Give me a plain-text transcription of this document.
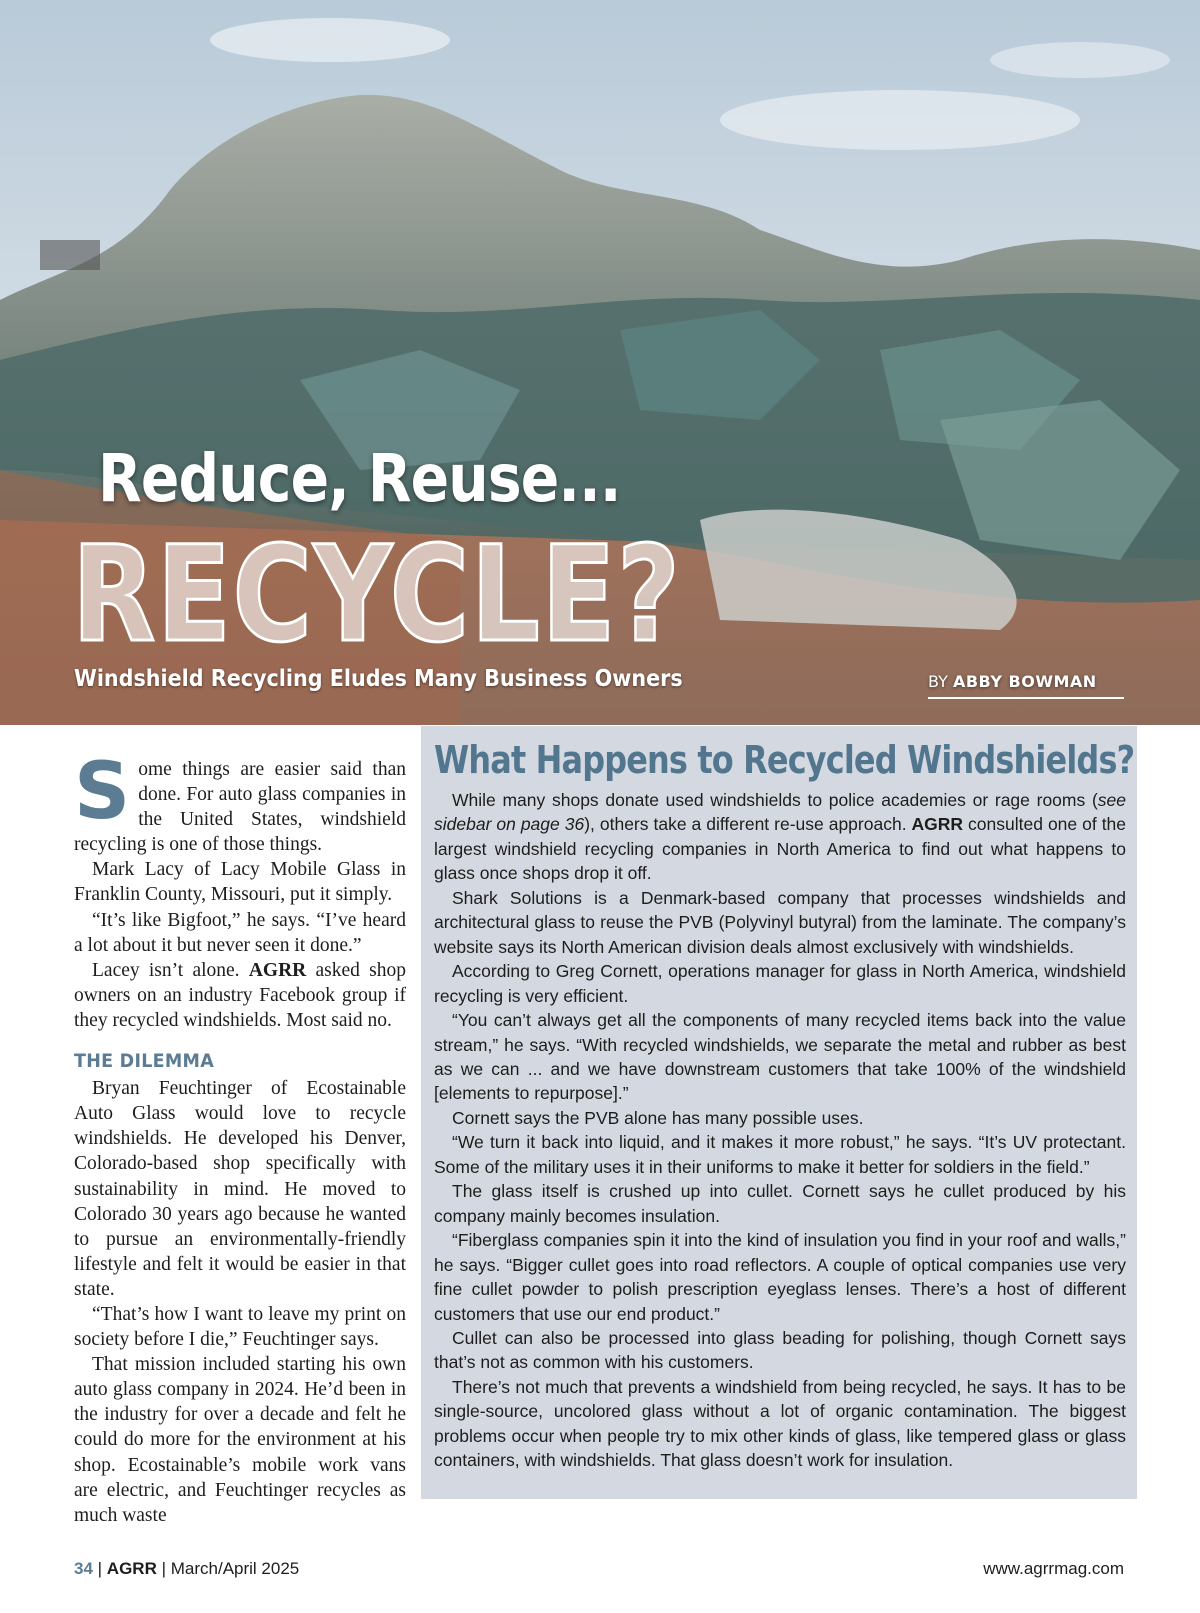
Reduce, Reuse...
RECYCLE?
Windshield Recycling Eludes Many Business Owners	BY ABBY BOWMAN

Some things are easier said than done. For auto glass companies in the United States, windshield recycling is one of those things.

Mark Lacy of Lacy Mobile Glass in Franklin County, Missouri, put it simply.

“It’s like Bigfoot,” he says. “I’ve heard a lot about it but never seen it done.”

Lacey isn’t alone. AGRR asked shop owners on an industry Facebook group if they recycled windshields. Most said no.

THE DILEMMA

Bryan Feuchtinger of Ecostainable Auto Glass would love to recycle windshields. He developed his Denver, Colorado-based shop specifically with sustainability in mind. He moved to Colorado 30 years ago because he wanted to pursue an environmentally-friendly lifestyle and felt it would be easier in that state.

“That’s how I want to leave my print on society before I die,” Feuchtinger says.

That mission included starting his own auto glass company in 2024. He’d been in the industry for over a decade and felt he could do more for the environment at his shop. Ecostainable’s mobile work vans are electric, and Feuchtinger recycles as much waste

What Happens to Recycled Windshields?

While many shops donate used windshields to police academies or rage rooms (see sidebar on page 36), others take a different re-use approach. AGRR consulted one of the largest windshield recycling companies in North America to find out what happens to glass once shops drop it off.

Shark Solutions is a Denmark-based company that processes windshields and architectural glass to reuse the PVB (Polyvinyl butyral) from the laminate. The company’s website says its North American division deals almost exclusively with windshields.

According to Greg Cornett, operations manager for glass in North America, windshield recycling is very efficient.

“You can’t always get all the components of many recycled items back into the value stream,” he says. “With recycled windshields, we separate the metal and rubber as best as we can ... and we have downstream customers that take 100% of the windshield [elements to repurpose].”

Cornett says the PVB alone has many possible uses.

“We turn it back into liquid, and it makes it more robust,” he says. “It’s UV protectant. Some of the military uses it in their uniforms to make it better for soldiers in the field.”

The glass itself is crushed up into cullet. Cornett says he cullet produced by his company mainly becomes insulation.

“Fiberglass companies spin it into the kind of insulation you find in your roof and walls,” he says. “Bigger cullet goes into road reflectors. A couple of optical companies use very fine cullet powder to polish prescription eyeglass lenses. There’s a host of different customers that use our end product.”

Cullet can also be processed into glass beading for polishing, though Cornett says that’s not as common with his customers.

There’s not much that prevents a windshield from being recycled, he says. It has to be single-source, uncolored glass without a lot of organic contamination. The biggest problems occur when people try to mix other kinds of glass, like tempered glass or glass containers, with windshields. That glass doesn’t work for insulation.

34 | AGRR | March/April 2025	www.agrrmag.com
